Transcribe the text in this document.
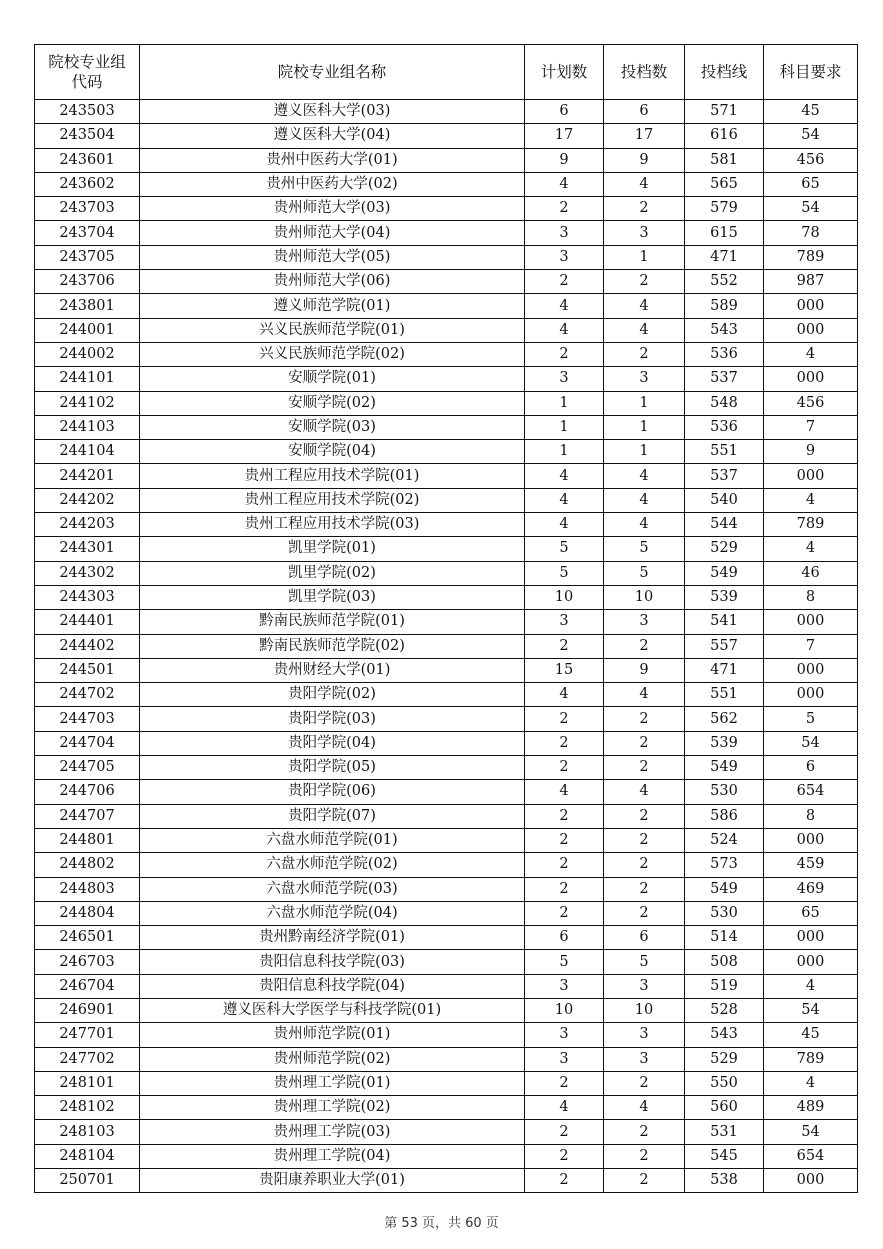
院校专业组
代码	院校专业组名称	计划数	投档数	投档线	科目要求
243503	遵义医科大学(03)	6	6	571	45
243504	遵义医科大学(04)	17	17	616	54
243601	贵州中医药大学(01)	9	9	581	456
243602	贵州中医药大学(02)	4	4	565	65
243703	贵州师范大学(03)	2	2	579	54
243704	贵州师范大学(04)	3	3	615	78
243705	贵州师范大学(05)	3	1	471	789
243706	贵州师范大学(06)	2	2	552	987
243801	遵义师范学院(01)	4	4	589	000
244001	兴义民族师范学院(01)	4	4	543	000
244002	兴义民族师范学院(02)	2	2	536	4
244101	安顺学院(01)	3	3	537	000
244102	安顺学院(02)	1	1	548	456
244103	安顺学院(03)	1	1	536	7
244104	安顺学院(04)	1	1	551	9
244201	贵州工程应用技术学院(01)	4	4	537	000
244202	贵州工程应用技术学院(02)	4	4	540	4
244203	贵州工程应用技术学院(03)	4	4	544	789
244301	凯里学院(01)	5	5	529	4
244302	凯里学院(02)	5	5	549	46
244303	凯里学院(03)	10	10	539	8
244401	黔南民族师范学院(01)	3	3	541	000
244402	黔南民族师范学院(02)	2	2	557	7
244501	贵州财经大学(01)	15	9	471	000
244702	贵阳学院(02)	4	4	551	000
244703	贵阳学院(03)	2	2	562	5
244704	贵阳学院(04)	2	2	539	54
244705	贵阳学院(05)	2	2	549	6
244706	贵阳学院(06)	4	4	530	654
244707	贵阳学院(07)	2	2	586	8
244801	六盘水师范学院(01)	2	2	524	000
244802	六盘水师范学院(02)	2	2	573	459
244803	六盘水师范学院(03)	2	2	549	469
244804	六盘水师范学院(04)	2	2	530	65
246501	贵州黔南经济学院(01)	6	6	514	000
246703	贵阳信息科技学院(03)	5	5	508	000
246704	贵阳信息科技学院(04)	3	3	519	4
246901	遵义医科大学医学与科技学院(01)	10	10	528	54
247701	贵州师范学院(01)	3	3	543	45
247702	贵州师范学院(02)	3	3	529	789
248101	贵州理工学院(01)	2	2	550	4
248102	贵州理工学院(02)	4	4	560	489
248103	贵州理工学院(03)	2	2	531	54
248104	贵州理工学院(04)	2	2	545	654
250701	贵阳康养职业大学(01)	2	2	538	000
第 53 页，共 60 页
